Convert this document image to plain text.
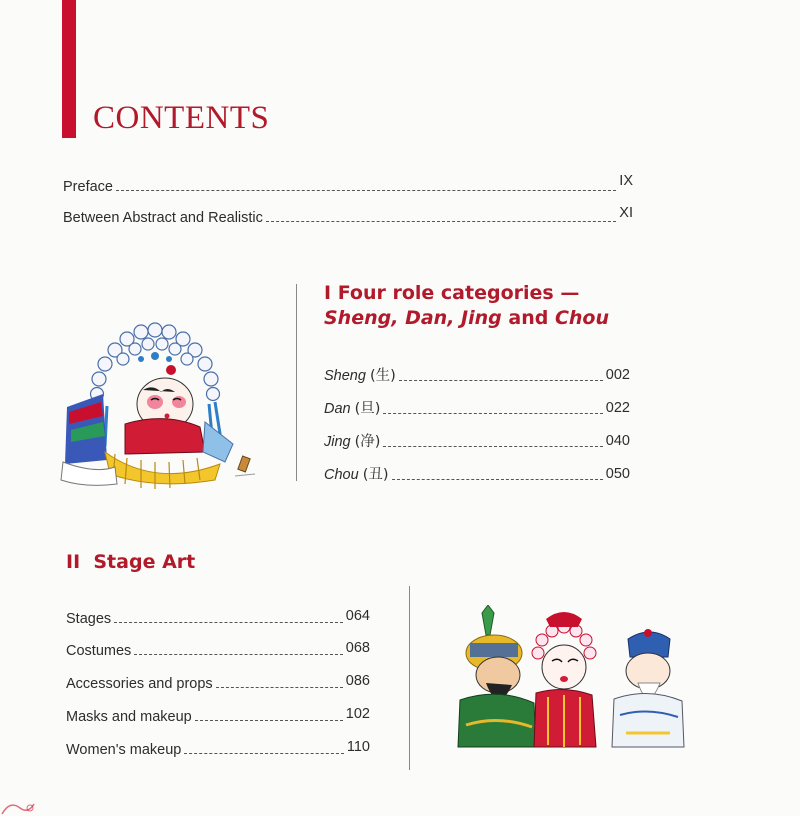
CONTENTS
Preface	IX
Between Abstract and Realistic	XI
I Four role categories —
Sheng, Dan, Jing and Chou
Sheng (生)	002
Dan (旦)	022
Jing (净)	040
Chou (丑)	050
II Stage Art
Stages	064
Costumes	068
Accessories and props	086
Masks and makeup	102
Women's makeup	110
